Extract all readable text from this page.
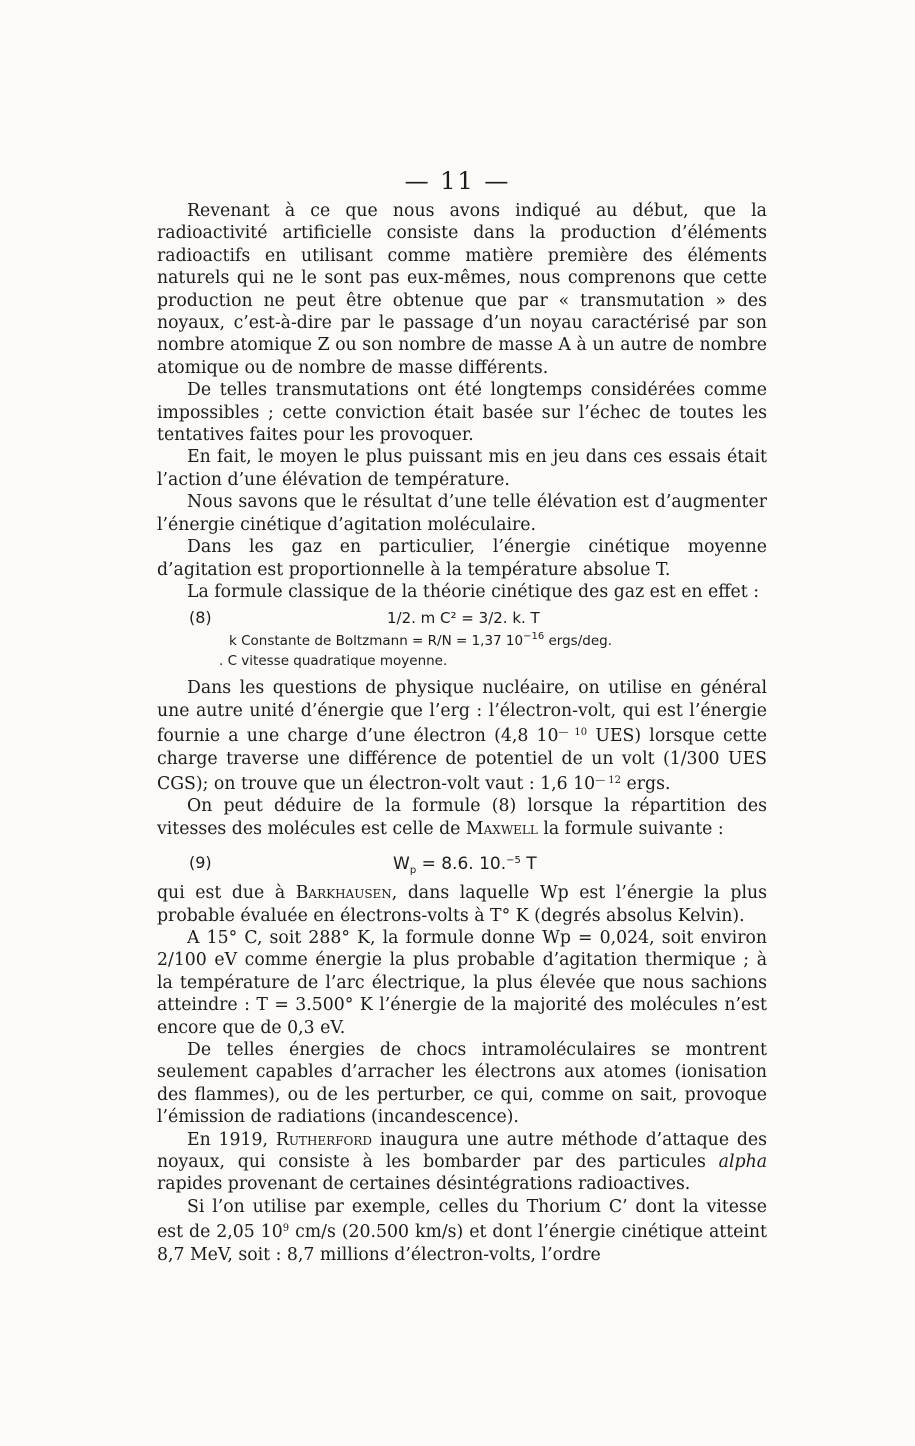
— 11 —

Revenant à ce que nous avons indiqué au début, que la radioactivité artificielle consiste dans la production d’éléments radioactifs en utilisant comme matière première des éléments naturels qui ne le sont pas eux-mêmes, nous comprenons que cette production ne peut être obtenue que par « transmutation » des noyaux, c’est-à-dire par le passage d’un noyau caractérisé par son nombre atomique Z ou son nombre de masse A à un autre de nombre atomique ou de nombre de masse différents.

De telles transmutations ont été longtemps considérées comme impossibles ; cette conviction était basée sur l’échec de toutes les tentatives faites pour les provoquer.

En fait, le moyen le plus puissant mis en jeu dans ces essais était l’action d’une élévation de température.

Nous savons que le résultat d’une telle élévation est d’augmenter l’énergie cinétique d’agitation moléculaire.

Dans les gaz en particulier, l’énergie cinétique moyenne d’agitation est proportionnelle à la température absolue T.

La formule classique de la théorie cinétique des gaz est en effet :

(8)	1/2. m C² = 3/2. k. T
k Constante de Boltzmann = R/N = 1,37 $10^{-16}$ ergs/deg.
. C vitesse quadratique moyenne.

Dans les questions de physique nucléaire, on utilise en général une autre unité d’énergie que l’erg : l’électron-volt, qui est l’énergie fournie a une charge d’une électron (4,8 $10^{— 10}$ UES) lorsque cette charge traverse une différence de potentiel de un volt (1/300 UES CGS); on trouve que un électron-volt vaut : 1,6 $10^{— 12}$ ergs.

On peut déduire de la formule (8) lorsque la répartition des vitesses des molécules est celle de Maxwell la formule suivante :

(9)	$W_p = 8.6$. 10.$^{-5}$ T

qui est due à Barkhausen, dans laquelle Wp est l’énergie la plus probable évaluée en électrons-volts à T° K (degrés absolus Kelvin).

A 15° C, soit 288° K, la formule donne Wp = 0,024, soit environ 2/100 eV comme énergie la plus probable d’agitation thermique ; à la température de l’arc électrique, la plus élevée que nous sachions atteindre : T = 3.500° K l’énergie de la majorité des molécules n’est encore que de 0,3 eV.

De telles énergies de chocs intramoléculaires se montrent seulement capables d’arracher les électrons aux atomes (ionisation des flammes), ou de les perturber, ce qui, comme on sait, provoque l’émission de radiations (incandescence).

En 1919, Rutherford inaugura une autre méthode d’attaque des noyaux, qui consiste à les bombarder par des particules alpha rapides provenant de certaines désintégrations radioactives.

Si l’on utilise par exemple, celles du Thorium C’ dont la vitesse est de 2,05 $10^9$ cm/s (20.500 km/s) et dont l’énergie cinétique atteint 8,7 MeV, soit : 8,7 millions d’électron-volts, l’ordre
